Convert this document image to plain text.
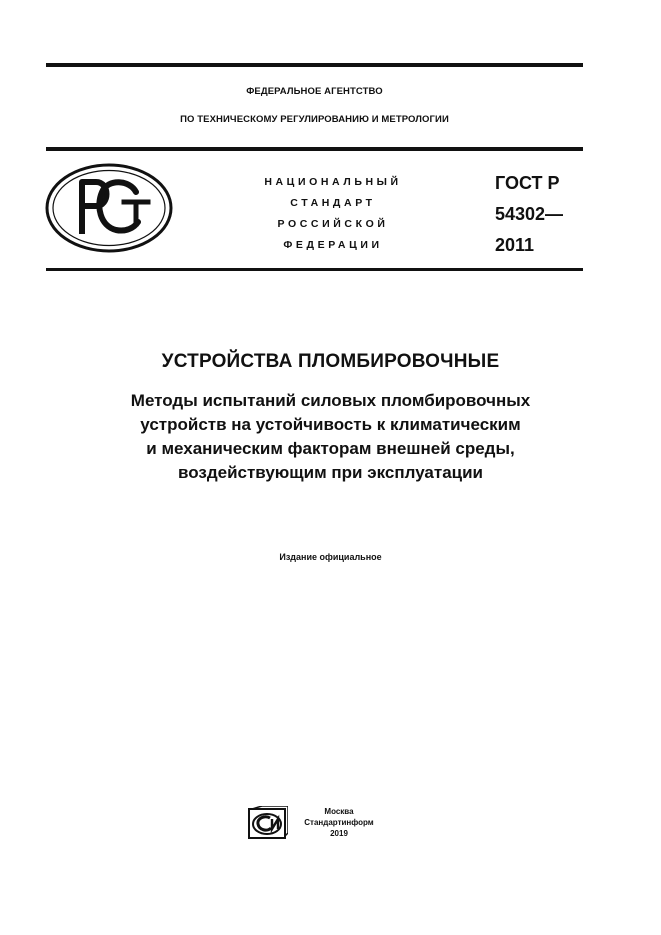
ФЕДЕРАЛЬНОЕ АГЕНТСТВО
ПО ТЕХНИЧЕСКОМУ РЕГУЛИРОВАНИЮ И МЕТРОЛОГИИ
НАЦИОНАЛЬНЫЙ
СТАНДАРТ
РОССИЙСКОЙ
ФЕДЕРАЦИИ
ГОСТ Р
54302—
2011
УСТРОЙСТВА ПЛОМБИРОВОЧНЫЕ
Методы испытаний силовых пломбировочных
устройств на устойчивость к климатическим
и механическим факторам внешней среды,
воздействующим при эксплуатации
Издание официальное
Москва
Стандартинформ
2019
